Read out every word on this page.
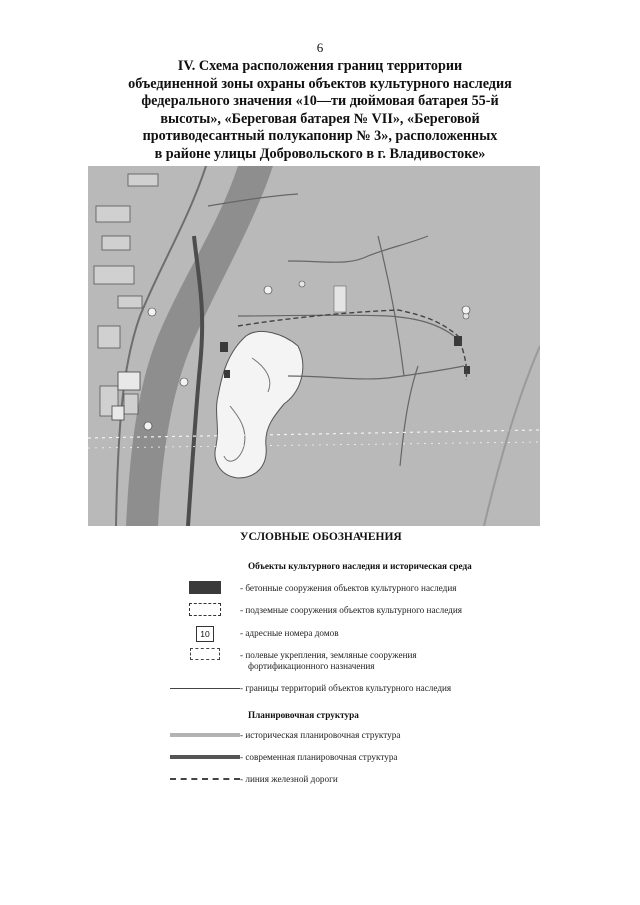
6
IV. Схема расположения границ территории
объединенной зоны охраны объектов культурного наследия
федерального значения «10—ти дюймовая батарея 55-й
высоты», «Береговая батарея № VII», «Береговой
противодесантный полукапонир № 3», расположенных
в районе улицы Добровольского в г. Владивостоке»
УСЛОВНЫЕ ОБОЗНАЧЕНИЯ
Объекты культурного наследия и историческая среда
- бетонные сооружения объектов культурного наследия
- подземные сооружения объектов культурного наследия
10	- адресные номера домов
- полевые укрепления, земляные сооружения
фортификационного назначения
- границы территорий объектов культурного наследия
Планировочная структура
- историческая планировочная структура
- современная планировочная структура
- линия железной дороги
